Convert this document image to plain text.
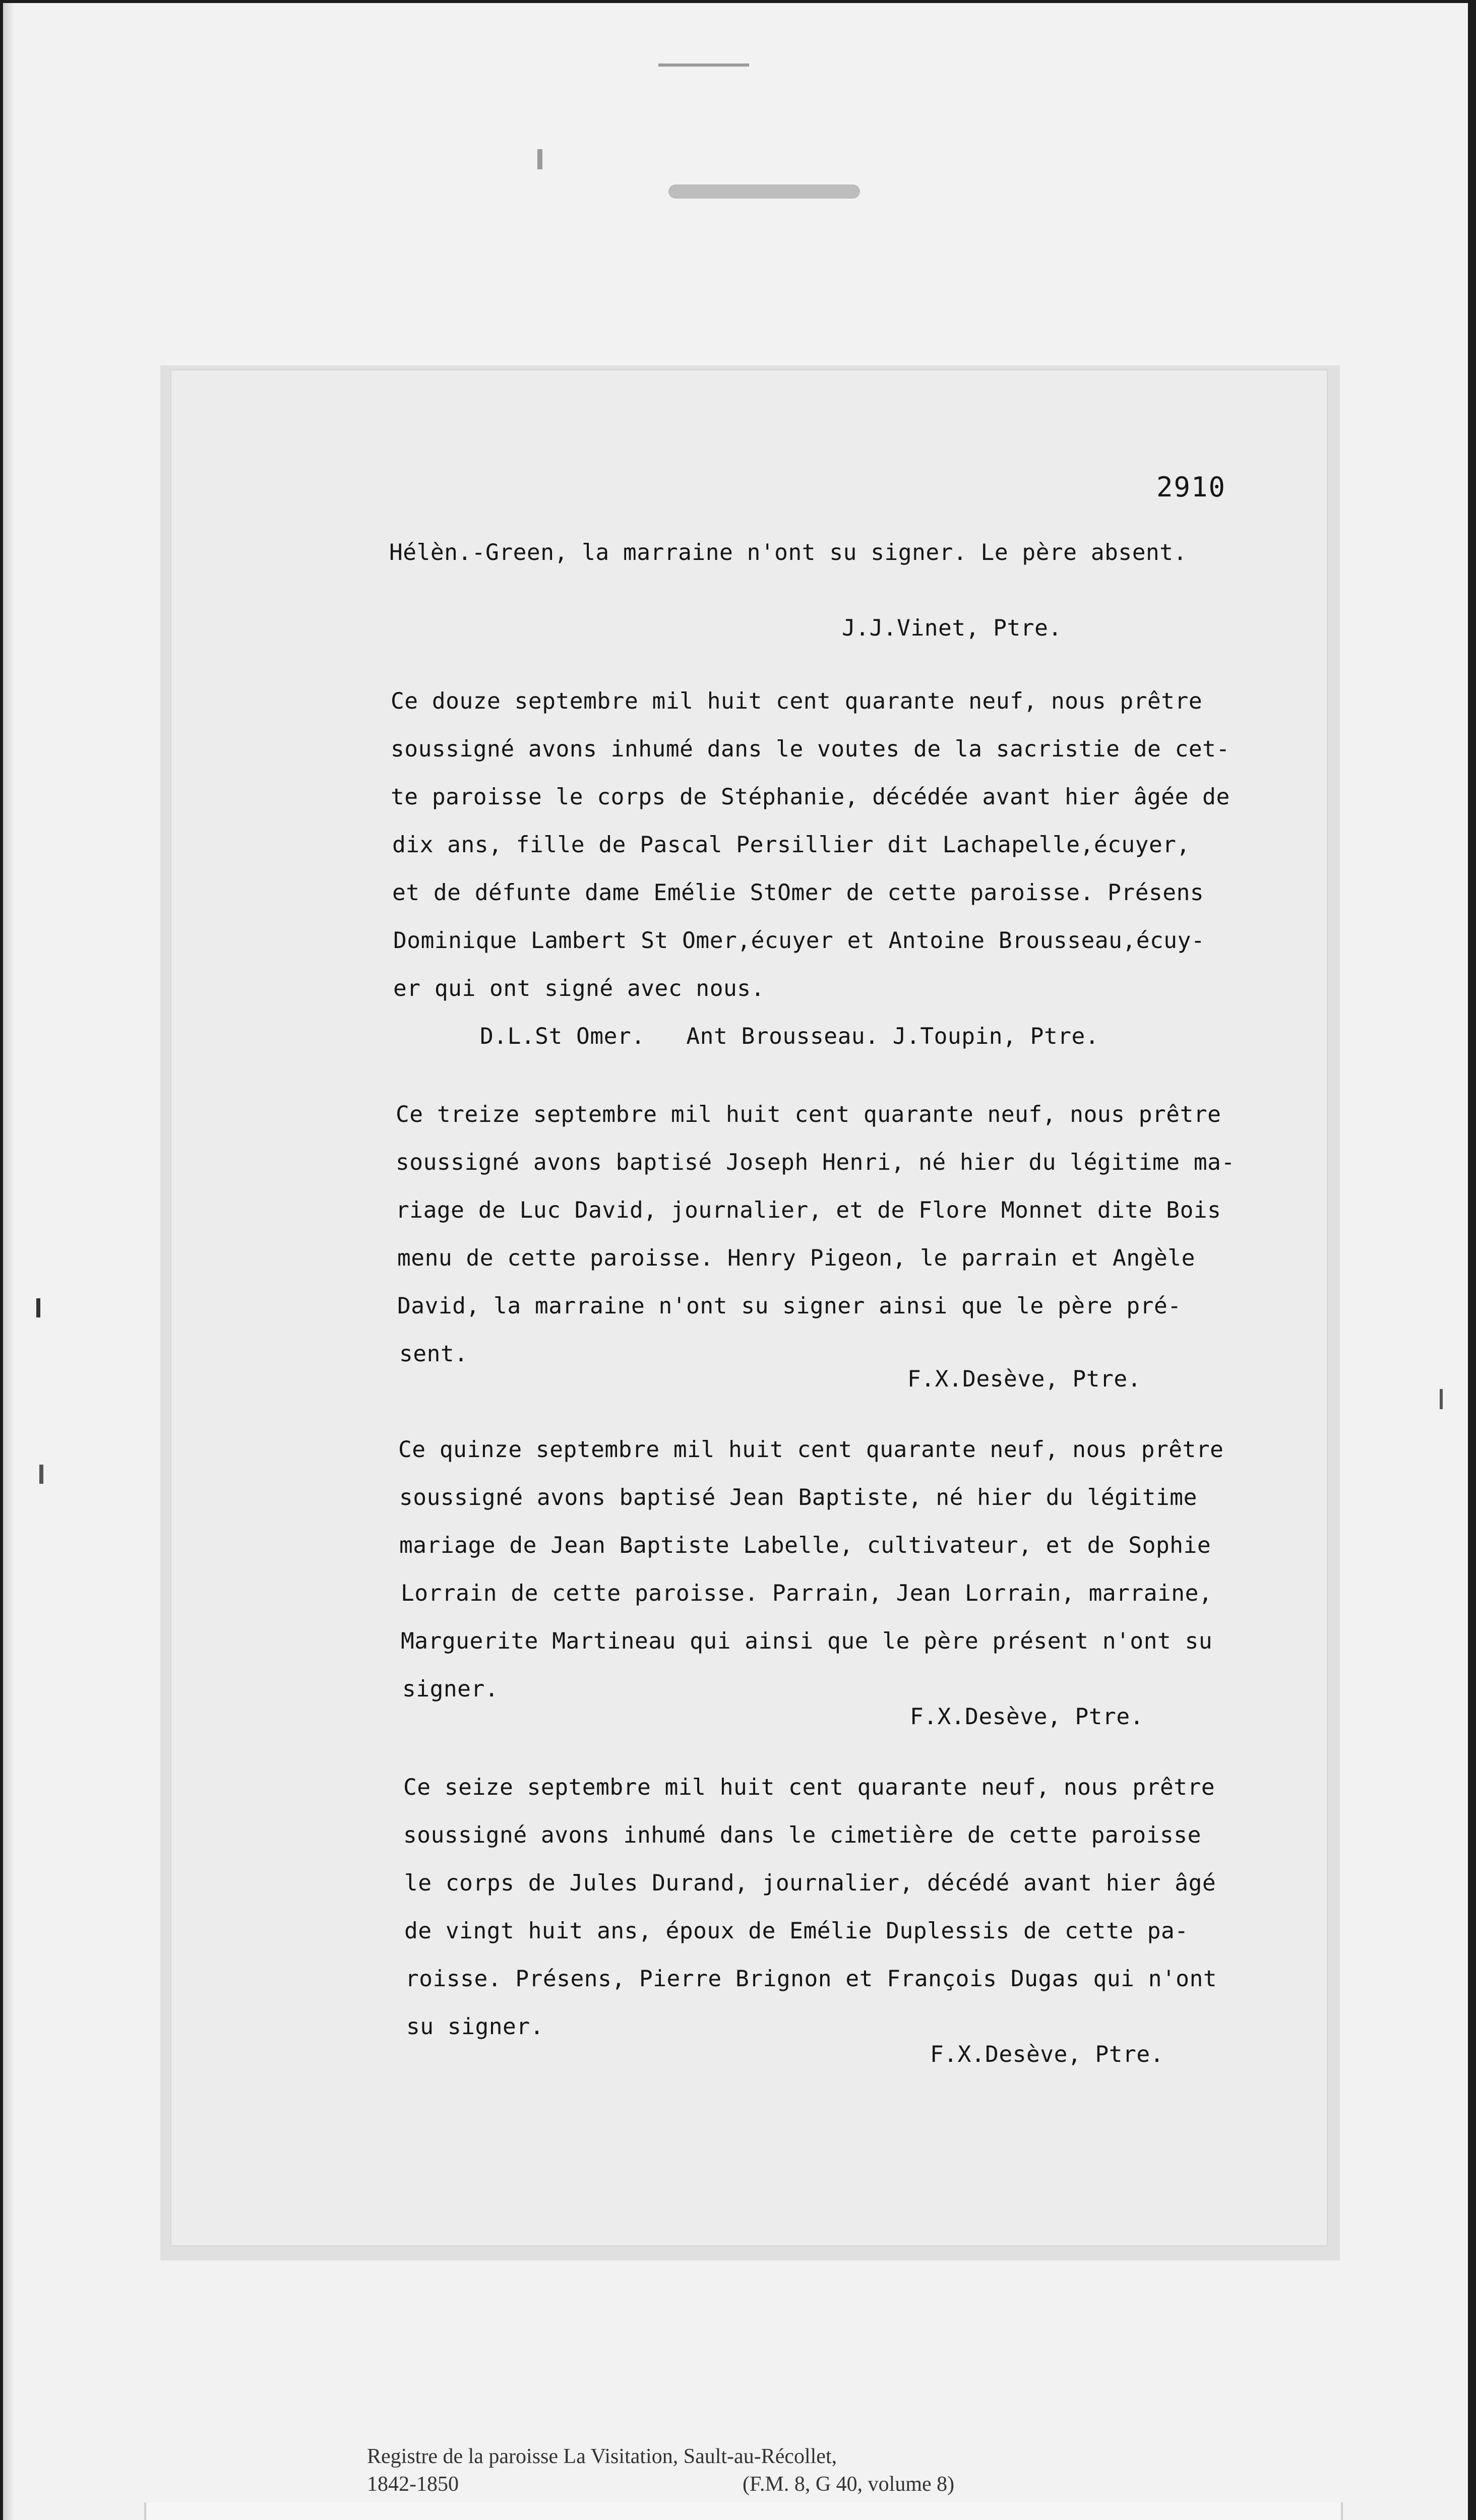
2910
Hélèn.-Green, la marraine n'ont su signer. Le père absent.
J.J.Vinet, Ptre.
Ce douze septembre mil huit cent quarante neuf, nous prêtre
soussigné avons inhumé dans le voutes de la sacristie de cet-
te paroisse le corps de Stéphanie, décédée avant hier âgée de
dix ans, fille de Pascal Persillier dit Lachapelle,écuyer,
et de défunte dame Emélie StOmer de cette paroisse. Présens
Dominique Lambert St Omer,écuyer et Antoine Brousseau,écuy-
er qui ont signé avec nous.
D.L.St Omer.   Ant Brousseau. J.Toupin, Ptre.
Ce treize septembre mil huit cent quarante neuf, nous prêtre
soussigné avons baptisé Joseph Henri, né hier du légitime ma-
riage de Luc David, journalier, et de Flore Monnet dite Bois
menu de cette paroisse. Henry Pigeon, le parrain et Angèle
David, la marraine n'ont su signer ainsi que le père pré-
sent.
F.X.Desève, Ptre.
Ce quinze septembre mil huit cent quarante neuf, nous prêtre
soussigné avons baptisé Jean Baptiste, né hier du légitime
mariage de Jean Baptiste Labelle, cultivateur, et de Sophie
Lorrain de cette paroisse. Parrain, Jean Lorrain, marraine,
Marguerite Martineau qui ainsi que le père présent n'ont su
signer.
F.X.Desève, Ptre.
Ce seize septembre mil huit cent quarante neuf, nous prêtre
soussigné avons inhumé dans le cimetière de cette paroisse
le corps de Jules Durand, journalier, décédé avant hier âgé
de vingt huit ans, époux de Emélie Duplessis de cette pa-
roisse. Présens, Pierre Brignon et François Dugas qui n'ont
su signer.
F.X.Desève, Ptre.
Registre de la paroisse La Visitation, Sault-au-Récollet,
1842-1850	(F.M. 8, G 40, volume 8)
